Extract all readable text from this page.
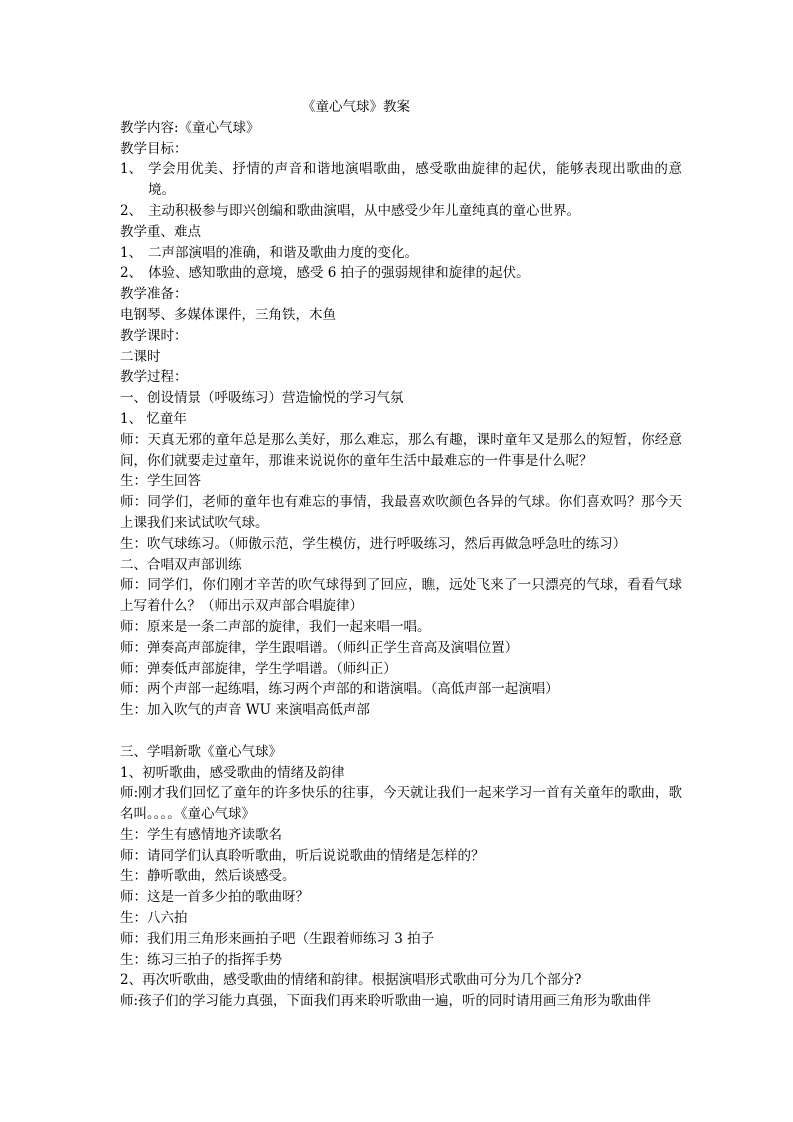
《童心气球》教案
教学内容:《童心气球》
教学目标：
1、 学会用优美、抒情的声音和谐地演唱歌曲，感受歌曲旋律的起伏，能够表现出歌曲的意境。
2、 主动积极参与即兴创编和歌曲演唱，从中感受少年儿童纯真的童心世界。
教学重、难点
1、 二声部演唱的准确，和谐及歌曲力度的变化。
2、 体验、感知歌曲的意境，感受 6 拍子的强弱规律和旋律的起伏。
教学准备：
电钢琴、多媒体课件，三角铁，木鱼
教学课时：
二课时
教学过程：
一、创设情景（呼吸练习）营造愉悦的学习气氛
1、 忆童年
师：天真无邪的童年总是那么美好，那么难忘，那么有趣，课时童年又是那么的短暂，你经意间，你们就要走过童年，那谁来说说你的童年生活中最难忘的一件事是什么呢？
生：学生回答
师：同学们，老师的童年也有难忘的事情，我最喜欢吹颜色各异的气球。你们喜欢吗？那今天上课我们来试试吹气球。
生：吹气球练习。（师傲示范，学生模仿，进行呼吸练习，然后再做急呼急吐的练习）
二、合唱双声部训练
师：同学们，你们刚才辛苦的吹气球得到了回应，瞧，远处飞来了一只漂亮的气球，看看气球上写着什么？（师出示双声部合唱旋律）
师：原来是一条二声部的旋律，我们一起来唱一唱。
师：弹奏高声部旋律，学生跟唱谱。（师纠正学生音高及演唱位置）
师：弹奏低声部旋律，学生学唱谱。（师纠正）
师：两个声部一起练唱，练习两个声部的和谐演唱。（高低声部一起演唱）
生：加入吹气的声音 WU 来演唱高低声部
三、学唱新歌《童心气球》
1、初听歌曲，感受歌曲的情绪及韵律
师:刚才我们回忆了童年的许多快乐的往事，今天就让我们一起来学习一首有关童年的歌曲，歌名叫。。。。《童心气球》
生：学生有感情地齐读歌名
师：请同学们认真聆听歌曲，听后说说歌曲的情绪是怎样的？
生：静听歌曲，然后谈感受。
师：这是一首多少拍的歌曲呀？
生：八六拍
师：我们用三角形来画拍子吧（生跟着师练习 3 拍子
生：练习三拍子的指挥手势
2、再次听歌曲，感受歌曲的情绪和韵律。根据演唱形式歌曲可分为几个部分?
师:孩子们的学习能力真强，下面我们再来聆听歌曲一遍，听的同时请用画三角形为歌曲伴
